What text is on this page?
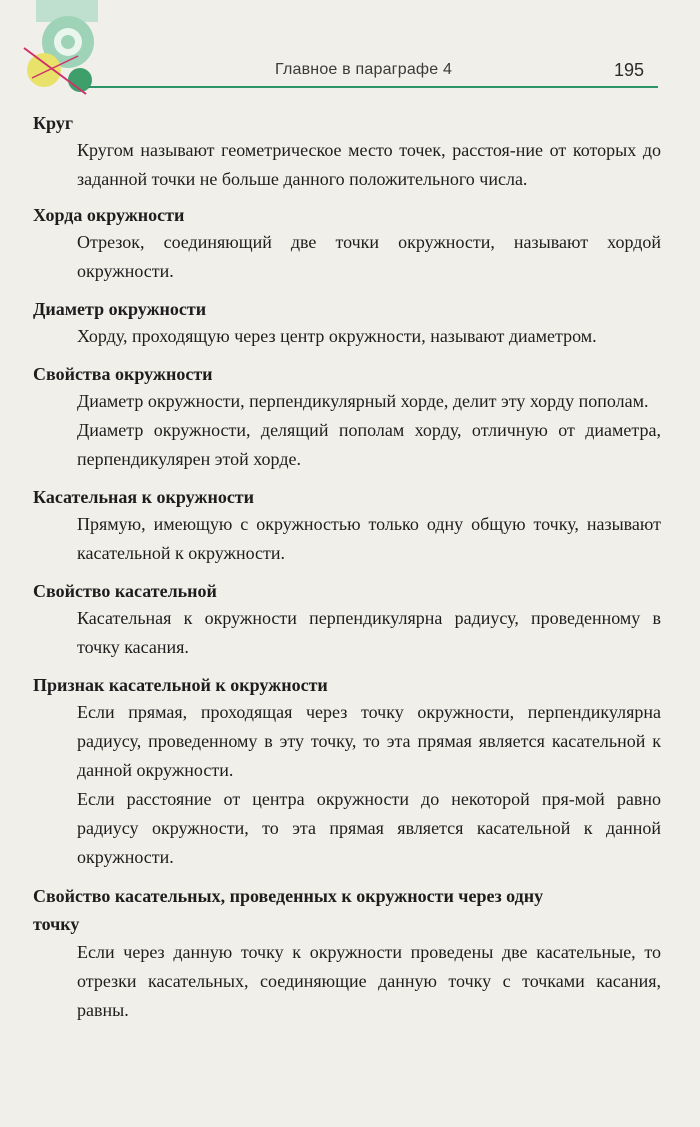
Главное в параграфе 4	195
Круг

Кругом называют геометрическое место точек, расстоя-ние от которых до заданной точки не больше данного положительного числа.

Хорда окружности

Отрезок, соединяющий две точки окружности, называют хордой окружности.

Диаметр окружности

Хорду, проходящую через центр окружности, называют диаметром.

Свойства окружности

Диаметр окружности, перпендикулярный хорде, делит эту хорду пополам.

Диаметр окружности, делящий пополам хорду, отличную от диаметра, перпендикулярен этой хорде.

Касательная к окружности

Прямую, имеющую с окружностью только одну общую точку, называют касательной к окружности.

Свойство касательной

Касательная к окружности перпендикулярна радиусу, проведенному в точку касания.

Признак касательной к окружности

Если прямая, проходящая через точку окружности, перпендикулярна радиусу, проведенному в эту точку, то эта прямая является касательной к данной окружности.

Если расстояние от центра окружности до некоторой пря-мой равно радиусу окружности, то эта прямая является касательной к данной окружности.

Свойство касательных, проведенных к окружности через одну точку

Если через данную точку к окружности проведены две касательные, то отрезки касательных, соединяющие данную точку с точками касания, равны.
